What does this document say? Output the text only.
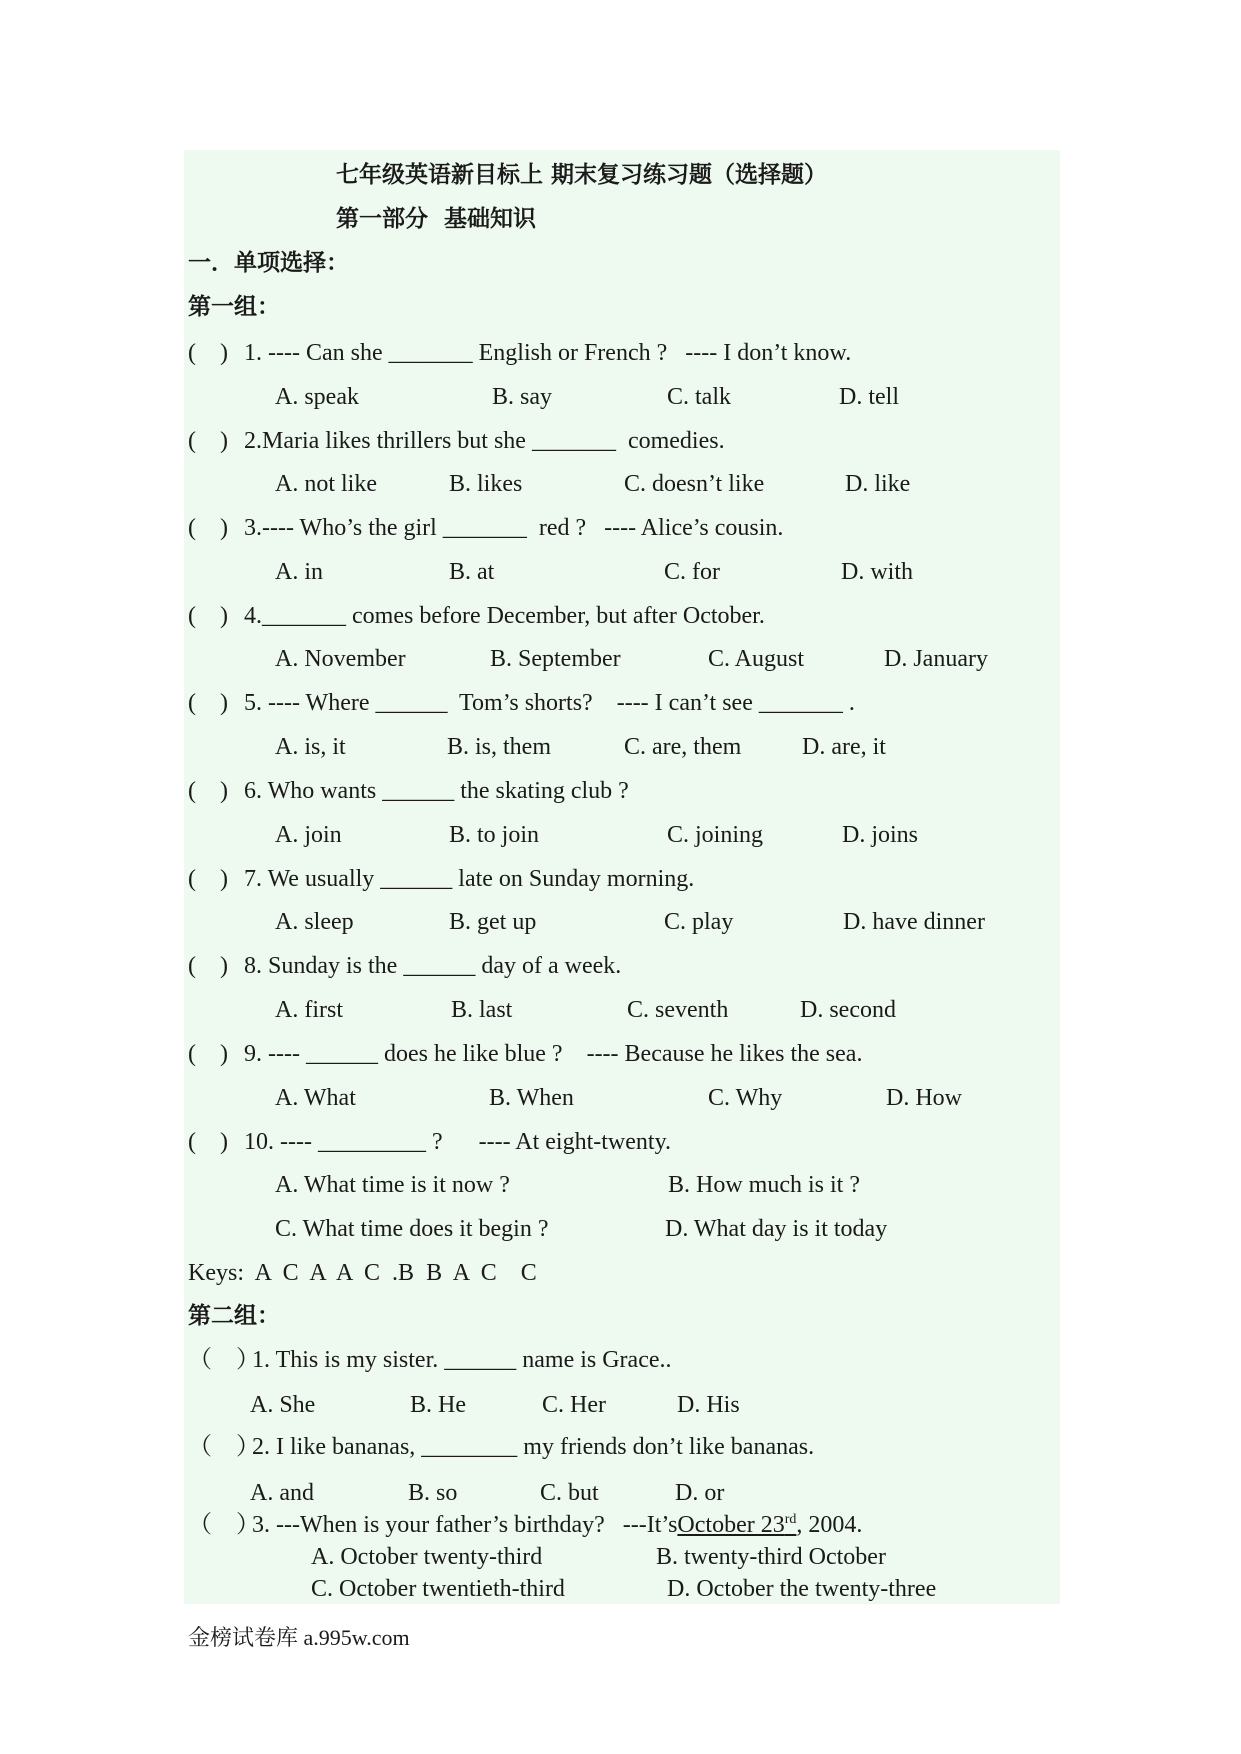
七年级英语新目标上 期末复习练习题（选择题）
第一部分  基础知识
一．单项选择：
第一组：
(    ) 1. ---- Can she _______ English or French ?   ---- I don’t know.
A. speak	B. say	C. talk	D. tell
(    ) 2.Maria likes thrillers but she _______  comedies.
A. not like	B. likes	C. doesn’t like	D. like
(    ) 3.---- Who’s the girl _______  red ?   ---- Alice’s cousin.
A. in	B. at	C. for	D. with
(    ) 4._______ comes before December, but after October.
A. November	B. September	C. August	D. January
(    ) 5. ---- Where ______  Tom’s shorts?    ---- I can’t see _______ .
A. is, it	B. is, them	C. are, them	D. are, it
(    ) 6. Who wants ______ the skating club ?
A. join	B. to join	C. joining	D. joins
(    ) 7. We usually ______ late on Sunday morning.
A. sleep	B. get up	C. play	D. have dinner
(    ) 8. Sunday is the ______ day of a week.
A. first	B. last	C. seventh	D. second
(    ) 9. ---- ______ does he like blue ?    ---- Because he likes the sea.
A. What	B. When	C. Why	D. How
(    ) 10. ---- _________ ?      ---- At eight-twenty.
A. What time is it now ?	B. How much is it ?
C. What time does it begin ?	D. What day is it today
Keys:  A  C  A  A  C  .B  B  A  C    C
第二组：
（    ）1. This is my sister. ______ name is Grace..
A. She	B. He	C. Her	D. His
（    ）2. I like bananas, ________ my friends don’t like bananas.
A. and	B. so	C. but	D. or
（    ）3. ---When is your father’s birthday?   ---It’sOctober 23rd, 2004.
A. October twenty-third	B. twenty-third October
C. October twentieth-third	D. October the twenty-three
金榜试卷库 a.995w.com
